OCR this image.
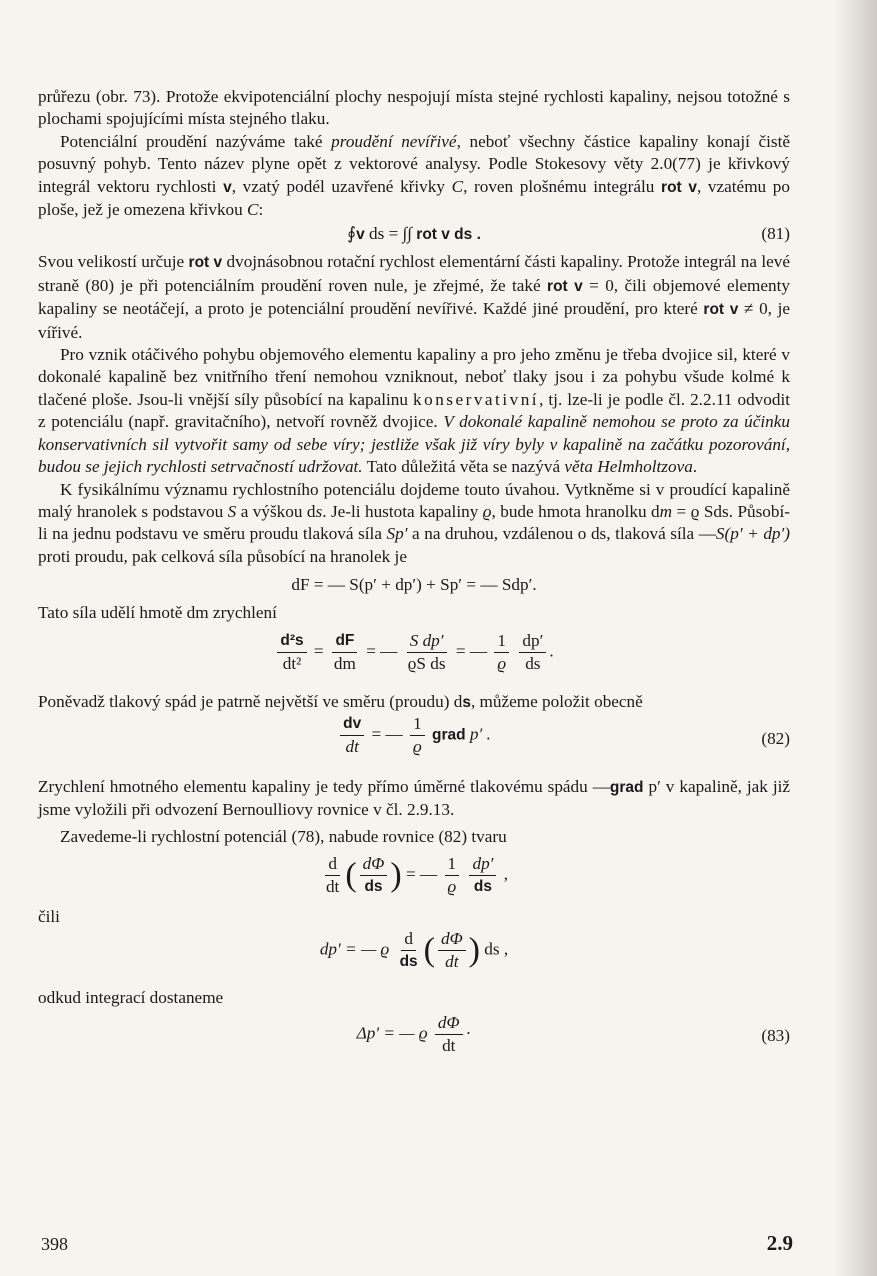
průřezu (obr. 73). Protože ekvipotenciální plochy nespojují místa stejné rychlosti kapaliny, nejsou totožné s plochami spojujícími místa stejného tlaku.

Potenciální proudění nazýváme také proudění nevířivé, neboť všechny částice kapaliny konají čistě posuvný pohyb. Tento název plyne opět z vektorové analysy. Podle Stokesovy věty 2.0(77) je křivkový integrál vektoru rychlosti v, vzatý podél uzavřené křivky C, roven plošnému integrálu rot v, vzatému po ploše, jež je omezena křivkou C:

∮v ds = ∫∫ rot v ds .	(81)

Svou velikostí určuje rot v dvojnásobnou rotační rychlost elementární části kapaliny. Protože integrál na levé straně (80) je při potenciálním proudění roven nule, je zřejmé, že také rot v = 0, čili objemové elementy kapaliny se neotáčejí, a proto je potenciální proudění nevířivé. Každé jiné proudění, pro které rot v ≠ 0, je vířivé.

Pro vznik otáčivého pohybu objemového elementu kapaliny a pro jeho změnu je třeba dvojice sil, které v dokonalé kapalině bez vnitřního tření nemohou vzniknout, neboť tlaky jsou i za pohybu všude kolmé k tlačené ploše. Jsou-li vnější síly působící na kapalinu konservativní, tj. lze-li je podle čl. 2.2.11 odvodit z potenciálu (např. gravitačního), netvoří rovněž dvojice. V dokonalé kapalině nemohou se proto za účinku konservativních sil vytvořit samy od sebe víry; jestliže však již víry byly v kapalině na začátku pozorování, budou se jejich rychlosti setrvačností udržovat. Tato důležitá věta se nazývá věta Helmholtzova.

K fysikálnímu významu rychlostního potenciálu dojdeme touto úvahou. Vytkněme si v proudící kapalině malý hranolek s podstavou S a výškou ds. Je-li hustota kapaliny ϱ, bude hmota hranolku dm = ϱ Sds. Působí-li na jednu podstavu ve směru proudu tlaková síla Sp′ a na druhou, vzdálenou o ds, tlaková síla —S(p′ + dp′) proti proudu, pak celková síla působící na hranolek je

dF = — S(p′ + dp′) + Sp′ = — Sdp′.

Tato síla udělí hmotě dm zrychlení

$\frac{\text{d²s}}{\text{dt²}} = \frac{dF}{dm}$ = — $\frac{\text{S dp′}}{\text{ϱS ds}}$ = — $\frac{1}{ϱ}$
$\frac{dp'}{ds}$ .

Poněvadž tlakový spád je patrně největší ve směru (proudu) ds, můžeme položit obecně

$\frac{dv}{dt}$ = — $\frac{1}{ϱ}$ grad p′ .	(82)

Zrychlení hmotného elementu kapaliny je tedy přímo úměrné tlakovému spádu —grad p′ v kapalině, jak již jsme vyložili při odvození Bernoulliovy rovnice v čl. 2.9.13.

Zavedeme-li rychlostní potenciál (78), nabude rovnice (82) tvaru

$\frac{d}{dt}$ ( $\frac{d\Phi}{ds}$ ) = — $\frac{1}{ϱ}$
$\frac{dp'}{ds}$ ,

čili

dp′ = — ϱ $\frac{d}{ds}$ ( $\frac{d\Phi}{dt}$ ) ds ,

odkud integrací dostaneme

Δp′ = — ϱ $\frac{d\Phi}{dt}$ ·	(83)
398	2.9
